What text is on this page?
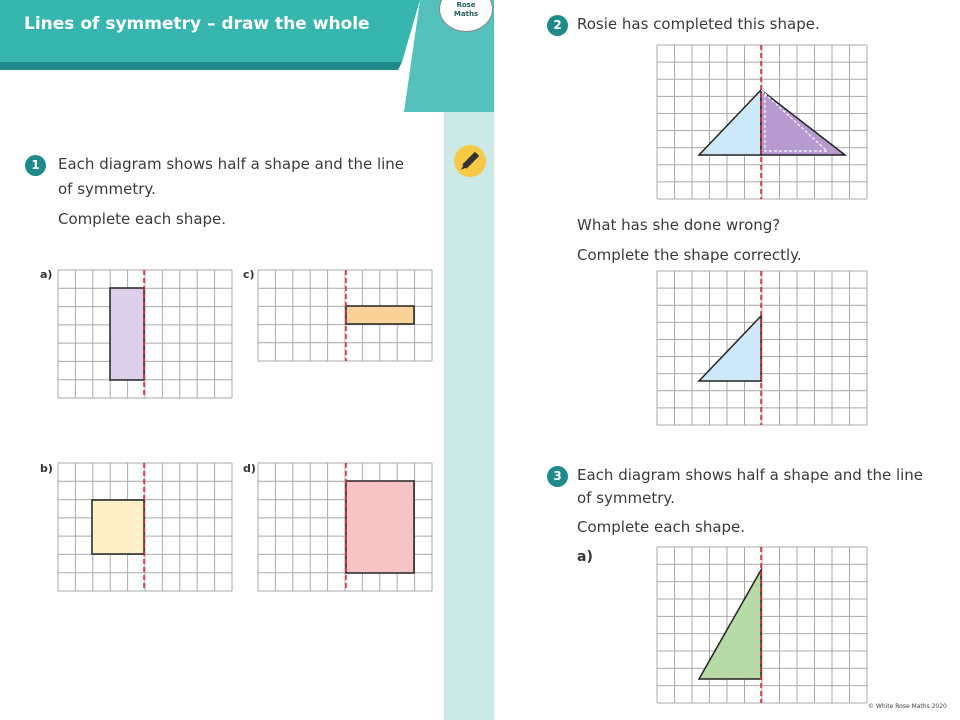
Lines of symmetry – draw the whole
Rose
Maths
1	Each diagram shows half a shape and the line
of symmetry.
Complete each shape.
a)	c)
b)	d)
2	Rosie has completed this shape.
What has she done wrong?
Complete the shape correctly.
3	Each diagram shows half a shape and the line
of symmetry.
Complete each shape.
a)
© White Rose Maths 2020
